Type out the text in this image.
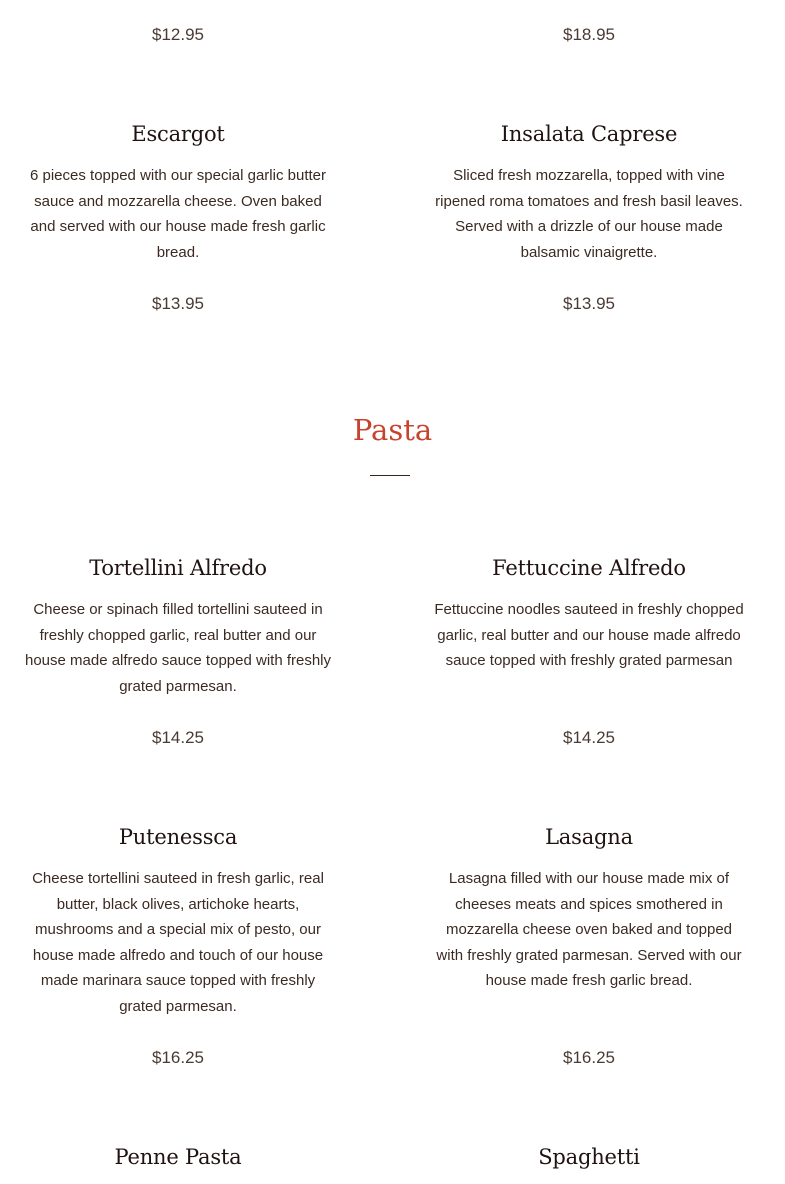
$12.95	$18.95
Escargot
6 pieces topped with our special garlic butter sauce and mozzarella cheese. Oven baked and served with our house made fresh garlic bread.
$13.95
Insalata Caprese
Sliced fresh mozzarella, topped with vine ripened roma tomatoes and fresh basil leaves. Served with a drizzle of our house made balsamic vinaigrette.
$13.95
Pasta
Tortellini Alfredo
Cheese or spinach filled tortellini sauteed in freshly chopped garlic, real butter and our house made alfredo sauce topped with freshly grated parmesan.
$14.25
Fettuccine Alfredo
Fettuccine noodles sauteed in freshly chopped garlic, real butter and our house made alfredo sauce topped with freshly grated parmesan
$14.25
Putenessca
Cheese tortellini sauteed in fresh garlic, real butter, black olives, artichoke hearts, mushrooms and a special mix of pesto, our house made alfredo and touch of our house made marinara sauce topped with freshly grated parmesan.
$16.25
Lasagna
Lasagna filled with our house made mix of cheeses meats and spices smothered in mozzarella cheese oven baked and topped with freshly grated parmesan. Served with our house made fresh garlic bread.
$16.25
Penne Pasta	Spaghetti
